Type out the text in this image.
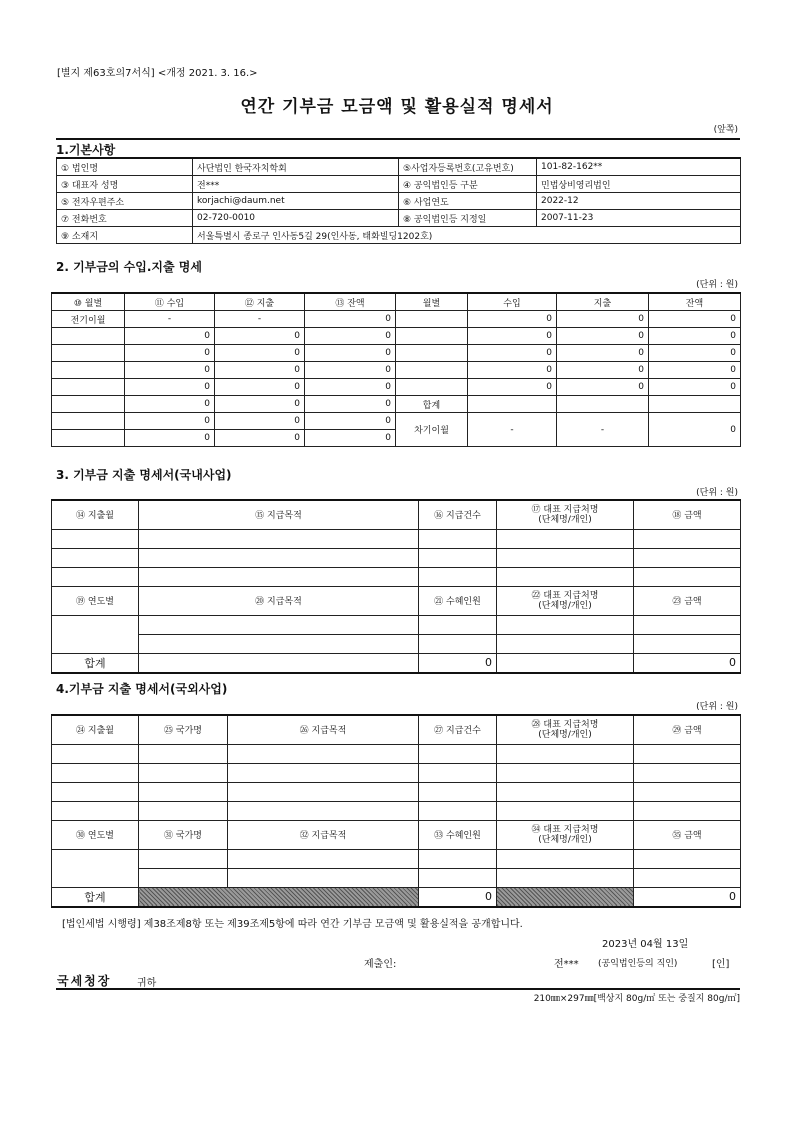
[별지 제63호의7서식] <개정 2021. 3. 16.>
연간 기부금 모금액 및 활용실적 명세서
(앞쪽)
1.기본사항
① 법인명	사단법인 한국자치학회	⑤사업자등록번호(고유번호)	101-82-162**
③ 대표자 성명	전***	④ 공익법인등 구분	민법상비영리법인
⑤ 전자우편주소	korjachi@daum.net	⑥ 사업연도	2022-12
⑦ 전화번호	02-720-0010	⑧ 공익법인등 지정일	2007-11-23
⑨ 소재지	서울특별시 종로구 인사동5길 29(인사동, 태화빌딩1202호)		
2. 기부금의 수입.지출 명세
(단위 : 원)
⑩ 월별	⑪ 수입	⑫ 지출	⑬ 잔액	월별	수입	지출	잔액
전기이월	-	-	0		0	0	0
	0	0	0		0	0	0
	0	0	0		0	0	0
	0	0	0		0	0	0
	0	0	0		0	0	0
	0	0	0	합계			
	0	0	0	차기이월	-	-	0
	0	0	0				
3. 기부금 지출 명세서(국내사업)
(단위 : 원)
⑭ 지출월	⑮ 지급목적	⑯ 지급건수	⑰ 대표 지급처명
(단체명/개인)	⑱ 금액

⑲ 연도별	⑳ 지급목적	㉑ 수혜인원	㉒ 대표 지급처명
(단체명/개인)	㉓ 금액

합계		0		0
4.기부금 지출 명세서(국외사업)
(단위 : 원)
㉔ 지출월	㉕ 국가명	㉖ 지급목적	㉗ 지급건수	㉘ 대표 지급처명
(단체명/개인)	㉙ 금액

㉚ 연도별	㉛ 국가명	㉜ 지급목적	㉝ 수혜인원	㉞ 대표 지급처명
(단체명/개인)	㉟ 금액

합계			0		0
[법인세법 시행령] 제38조제8항 또는 제39조제5항에 따라 연간 기부금 모금액 및 활용실적을 공개합니다.
2023년 04월 13일
제출인:	전*** (공익법인등의 직인)	[인]
국세청장	귀하
210㎜×297㎜[백상지 80g/㎡ 또는 중질지 80g/㎡]
